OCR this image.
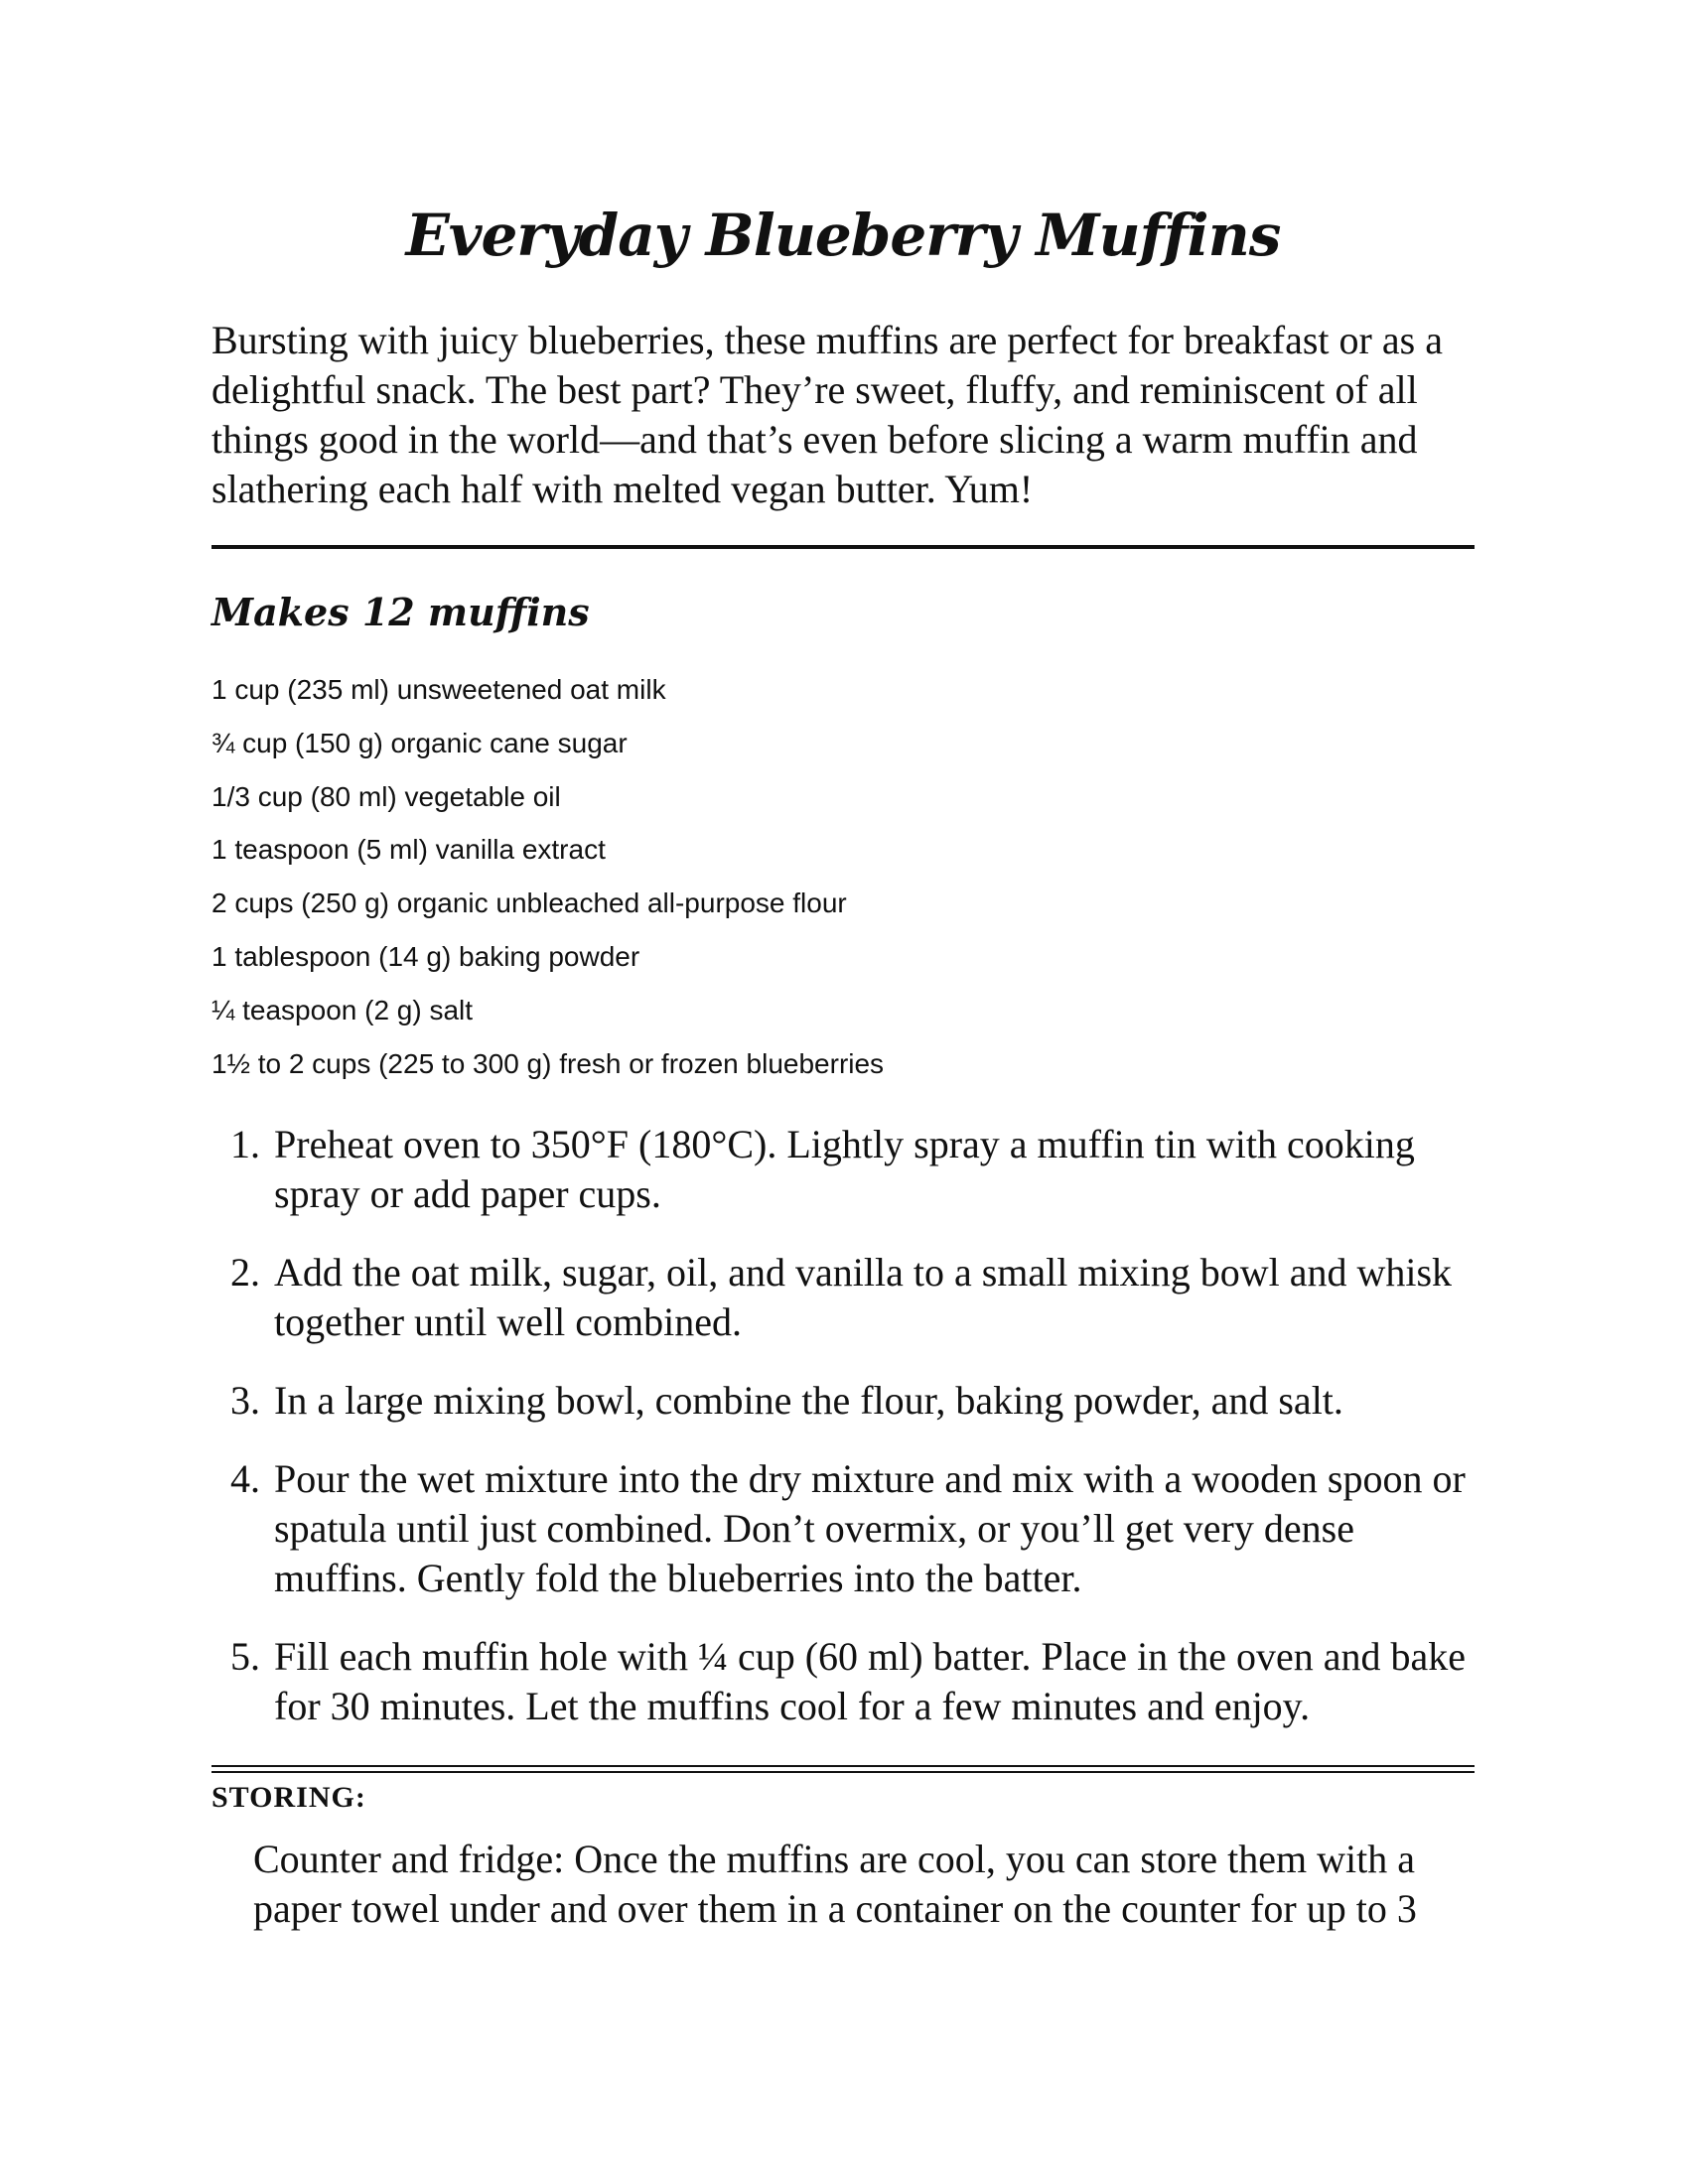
Everyday Blueberry Muffins

Bursting with juicy blueberries, these muffins are perfect for breakfast or as a delightful snack. The best part? They’re sweet, fluffy, and reminiscent of all things good in the world—and that’s even before slicing a warm muffin and slathering each half with melted vegan butter. Yum!

Makes 12 muffins
1 cup (235 ml) unsweetened oat milk
¾ cup (150 g) organic cane sugar
1/3 cup (80 ml) vegetable oil
1 teaspoon (5 ml) vanilla extract
2 cups (250 g) organic unbleached all-purpose flour
1 tablespoon (14 g) baking powder
¼ teaspoon (2 g) salt
1½ to 2 cups (225 to 300 g) fresh or frozen blueberries
1. Preheat oven to 350°F (180°C). Lightly spray a muffin tin with cooking spray or add paper cups.
2. Add the oat milk, sugar, oil, and vanilla to a small mixing bowl and whisk together until well combined.
3. In a large mixing bowl, combine the flour, baking powder, and salt.
4. Pour the wet mixture into the dry mixture and mix with a wooden spoon or spatula until just combined. Don’t overmix, or you’ll get very dense muffins. Gently fold the blueberries into the batter.
5. Fill each muffin hole with ¼ cup (60 ml) batter. Place in the oven and bake for 30 minutes. Let the muffins cool for a few minutes and enjoy.
STORING:

Counter and fridge: Once the muffins are cool, you can store them with a paper towel under and over them in a container on the counter for up to 3
